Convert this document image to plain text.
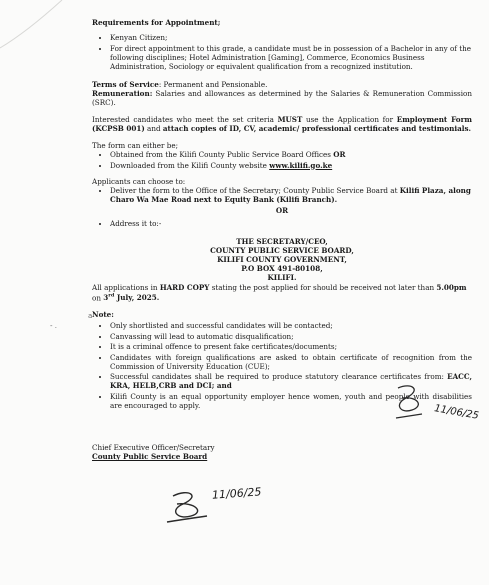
Requirements for Appointment;
• Kenyan Citizen;
• For direct appointment to this grade, a candidate must be in possession of a Bachelor in any of the following disciplines; Hotel Administration [Gaming], Commerce, Economics Business Administration, Sociology or equivalent qualification from a recognized institution.

Terms of Service: Permanent and Pensionable.

Remuneration: Salaries and allowances as determined by the Salaries & Remuneration Commission (SRC).

Interested candidates who meet the set criteria MUST use the Application for Employment Form (KCPSB 001) and attach copies of ID, CV, academic/ professional certificates and testimonials.

The form can either be;

• Obtained from the Kilifi County Public Service Board Offices OR
• Downloaded from the Kilifi County website www.kilifi.go.ke

Applicants can choose to:

• Deliver the form to the Office of the Secretary; County Public Service Board at Kilifi Plaza, along Charo Wa Mae Road next to Equity Bank (Kilifi Branch).
OR
• Address it to:-
THE SECRETARY/CEO,
COUNTY PUBLIC SERVICE BOARD,
KILIFI COUNTY GOVERNMENT,
P.O BOX 491-80108,
KILIFI.

All applications in HARD COPY stating the post applied for should be received not later than 5.00pm on 3rd July, 2025.

Note:
• Only shortlisted and successful candidates will be contacted;
• Canvassing will lead to automatic disqualification;
• It is a criminal offence to present fake certificates/documents;
• Candidates with foreign qualifications are asked to obtain certificate of recognition from the Commission of University Education (CUE);
• Successful candidates shall be required to produce statutory clearance certificates from: EACC, KRA, HELB,CRB and DCI; and
• Kilifi County is an equal opportunity employer hence women, youth and people with disabilities are encouraged to apply.

Chief Executive Officer/Secretary

County Public Service Board

11/06/25
11/06/25
a
- .
